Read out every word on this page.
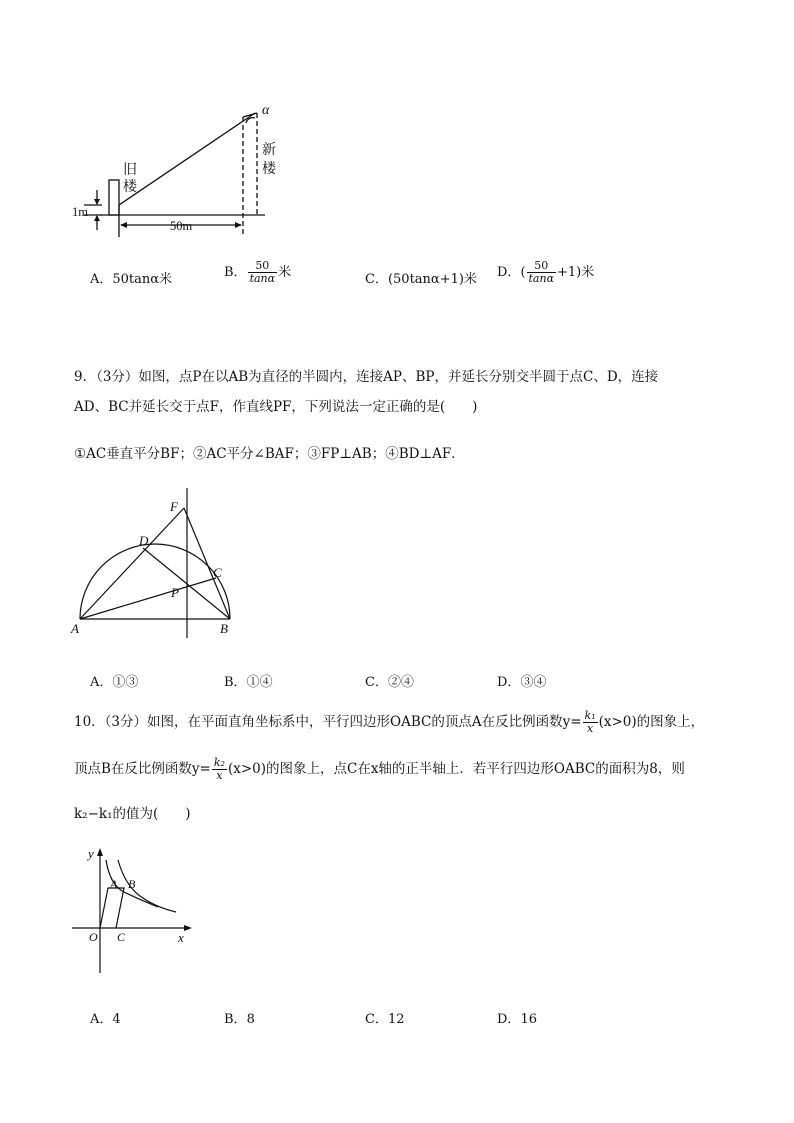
α
旧
楼
新
楼
1m
50m
A．50tanα米	B． $\frac{50}{\tan\alpha}$ 米	C．(50tanα+1)米 D．( $\frac{50}{\tan\alpha} +1$)米
9．（3分）如图，点P在以AB为直径的半圆内，连接AP、BP，并延长分别交半圆于点C、D，连接
AD、BC并延长交于点F，作直线PF，下列说法一定正确的是(　　)
①AC垂直平分BF；②AC平分∠BAF；③FP⊥AB；④BD⊥AF．
F
D
C
P
A	B
A．①③	B．①④	C．②④	D．③④
10．（3分）如图，在平面直角坐标系中，平行四边形OABC的顶点A在反比例函数$y= \frac{\text{k₁}}{x} (x>0)$的图象上，
顶点B在反比例函数$y= \frac{\text{k₂}}{x} (x>0)$的图象上，点C在x轴的正半轴上．若平行四边形OABC的面积为8，则
k₂−k₁的值为(　　)
y
x
O
A B
C
A．4	B．8	C．12	D．16
